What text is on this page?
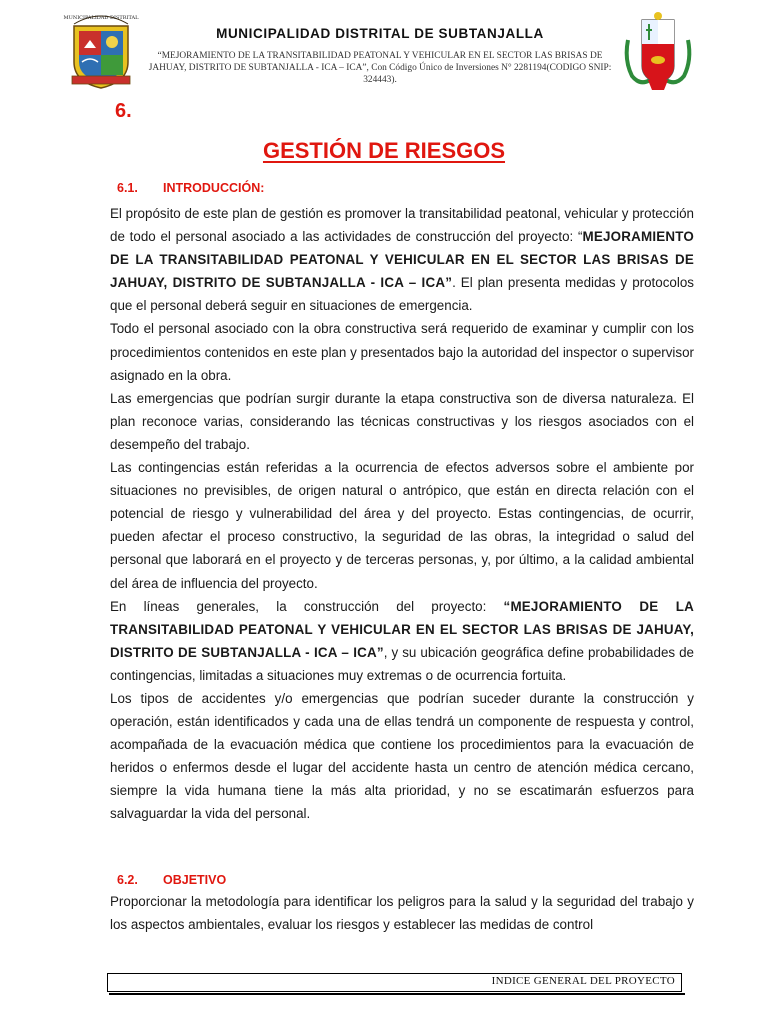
MUNICIPALIDAD DISTRITAL
MUNICIPALIDAD DISTRITAL DE SUBTANJALLA
“MEJORAMIENTO DE LA TRANSITABILIDAD PEATONAL Y VEHICULAR EN EL SECTOR LAS BRISAS DE JAHUAY, DISTRITO DE SUBTANJALLA - ICA – ICA”, Con Código Único de Inversiones N° 2281194(CODIGO SNIP: 324443).
6.
GESTIÓN DE RIESGOS
6.1. INTRODUCCIÓN:

El propósito de este plan de gestión es promover la transitabilidad peatonal, vehicular y protección de todo el personal asociado a las actividades de construcción del proyecto: “MEJORAMIENTO DE LA TRANSITABILIDAD PEATONAL Y VEHICULAR EN EL SECTOR LAS BRISAS DE JAHUAY, DISTRITO DE SUBTANJALLA - ICA – ICA”. El plan presenta medidas y protocolos que el personal deberá seguir en situaciones de emergencia.

Todo el personal asociado con la obra constructiva será requerido de examinar y cumplir con los procedimientos contenidos en este plan y presentados bajo la autoridad del inspector o supervisor asignado en la obra.

Las emergencias que podrían surgir durante la etapa constructiva son de diversa naturaleza. El plan reconoce varias, considerando las técnicas constructivas y los riesgos asociados con el desempeño del trabajo.

Las contingencias están referidas a la ocurrencia de efectos adversos sobre el ambiente por situaciones no previsibles, de origen natural o antrópico, que están en directa relación con el potencial de riesgo y vulnerabilidad del área y del proyecto. Estas contingencias, de ocurrir, pueden afectar el proceso constructivo, la seguridad de las obras, la integridad o salud del personal que laborará en el proyecto y de terceras personas, y, por último, a la calidad ambiental del área de influencia del proyecto.

En líneas generales, la construcción del proyecto: “MEJORAMIENTO DE LA TRANSITABILIDAD PEATONAL Y VEHICULAR EN EL SECTOR LAS BRISAS DE JAHUAY, DISTRITO DE SUBTANJALLA - ICA – ICA”, y su ubicación geográfica define probabilidades de contingencias, limitadas a situaciones muy extremas o de ocurrencia fortuita.

Los tipos de accidentes y/o emergencias que podrían suceder durante la construcción y operación, están identificados y cada una de ellas tendrá un componente de respuesta y control, acompañada de la evacuación médica que contiene los procedimientos para la evacuación de heridos o enfermos desde el lugar del accidente hasta un centro de atención médica cercano, siempre la vida humana tiene la más alta prioridad, y no se escatimarán esfuerzos para salvaguardar la vida del personal.

6.2. OBJETIVO

Proporcionar la metodología para identificar los peligros para la salud y la seguridad del trabajo y los aspectos ambientales, evaluar los riesgos y establecer las medidas de control

INDICE GENERAL DEL PROYECTO
